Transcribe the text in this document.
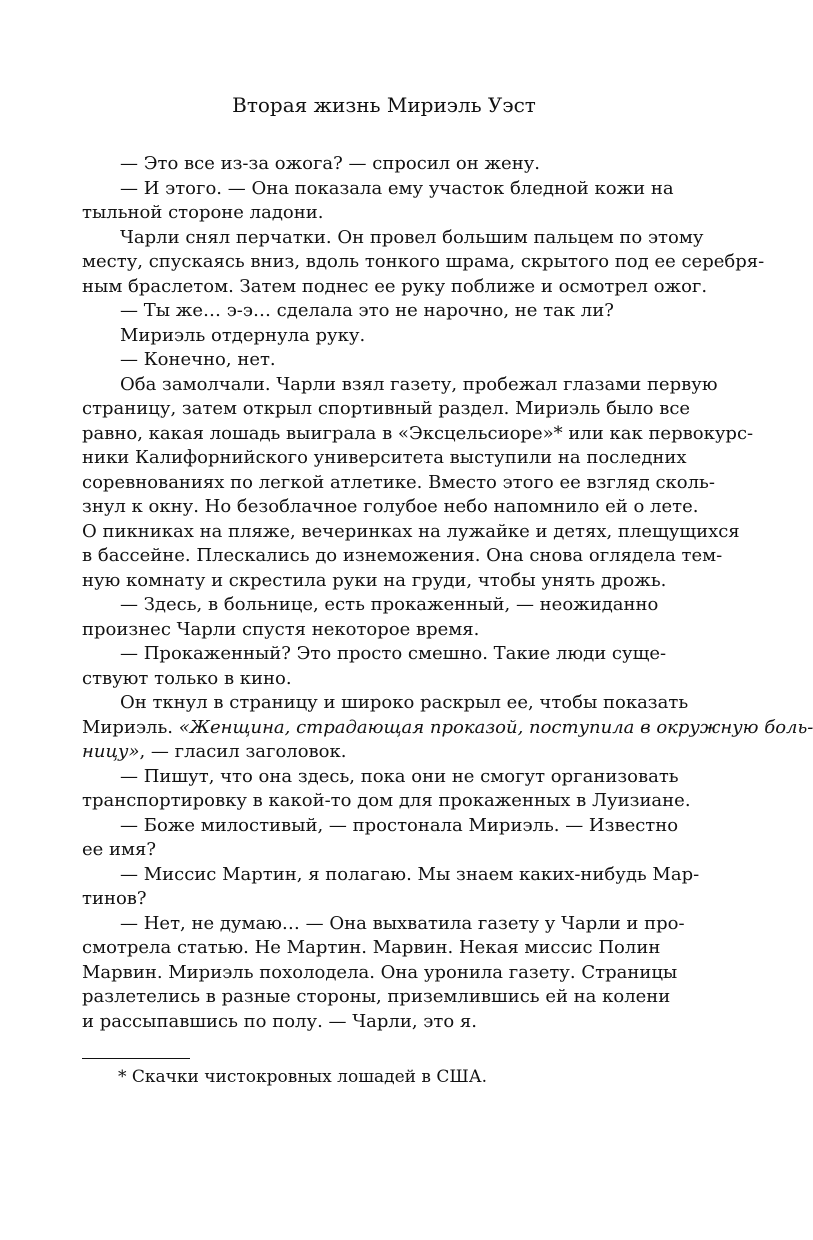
Вторая жизнь Мириэль Уэст
— Это все из-за ожога? — спросил он жену.
— И этого. — Она показала ему участок бледной кожи на
тыльной стороне ладони.
Чарли снял перчатки. Он провел большим пальцем по этому
месту, спускаясь вниз, вдоль тонкого шрама, скрытого под ее серебря-
ным браслетом. Затем поднес ее руку поближе и осмотрел ожог.
— Ты же… э-э… сделала это не нарочно, не так ли?
Мириэль отдернула руку.
— Конечно, нет.
Оба замолчали. Чарли взял газету, пробежал глазами первую
страницу, затем открыл спортивный раздел. Мириэль было все
равно, какая лошадь выиграла в «Эксцельсиоре»* или как первокурс-
ники Калифорнийского университета выступили на последних
соревнованиях по легкой атлетике. Вместо этого ее взгляд сколь-
знул к окну. Но безоблачное голубое небо напомнило ей о лете.
О пикниках на пляже, вечеринках на лужайке и детях, плещущихся
в бассейне. Плескались до изнеможения. Она снова оглядела тем-
ную комнату и скрестила руки на груди, чтобы унять дрожь.
— Здесь, в больнице, есть прокаженный, — неожиданно
произнес Чарли спустя некоторое время.
— Прокаженный? Это просто смешно. Такие люди суще-
ствуют только в кино.
Он ткнул в страницу и широко раскрыл ее, чтобы показать
Мириэль. «Женщина, страдающая проказой, поступила в окружную боль-
ницу», — гласил заголовок.
— Пишут, что она здесь, пока они не смогут организовать
транспортировку в какой-то дом для прокаженных в Луизиане.
— Боже милостивый, — простонала Мириэль. — Известно
ее имя?
— Миссис Мартин, я полагаю. Мы знаем каких-нибудь Мар-
тинов?
— Нет, не думаю… — Она выхватила газету у Чарли и про-
смотрела статью. Не Мартин. Марвин. Некая миссис Полин
Марвин. Мириэль похолодела. Она уронила газету. Страницы
разлетелись в разные стороны, приземлившись ей на колени
и рассыпавшись по полу. — Чарли, это я.
* Скачки чистокровных лошадей в США.
